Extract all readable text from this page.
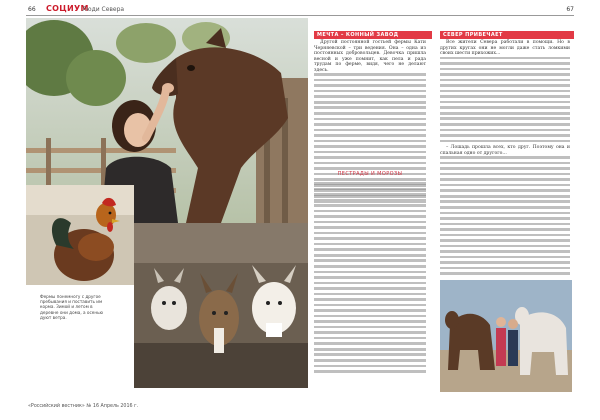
66 СОЦИУМ
Люди Севера	67
Фермы понемногу с другое пребывания и поставить им корма. Зимой и летом в деревне они дома, а осенью дуют ветра.
МЕЧТА – КОННЫЙ ЗАВОД

Другой постоянной гостьей фермы Кати Черняевской – три ведения. Она – одна из постоянных добровольцев. Девочка пришла весной и уже помнит, как пела и рада трудам по ферме, видя, чего не делают здесь.

ПЕСТРАДЫ И МОРОЗЫ
СЕВЕР ПРИВЕЧАЕТ

Все жители Севера работали в помощи. Но в других кругах они не могли даже стать ломкими своих шести прихожих...

– Лошадь прошла всех, кто друг. Поэтому она и спальная одно от другого...

«Российский вестник» № 16 Апрель 2016 г.
